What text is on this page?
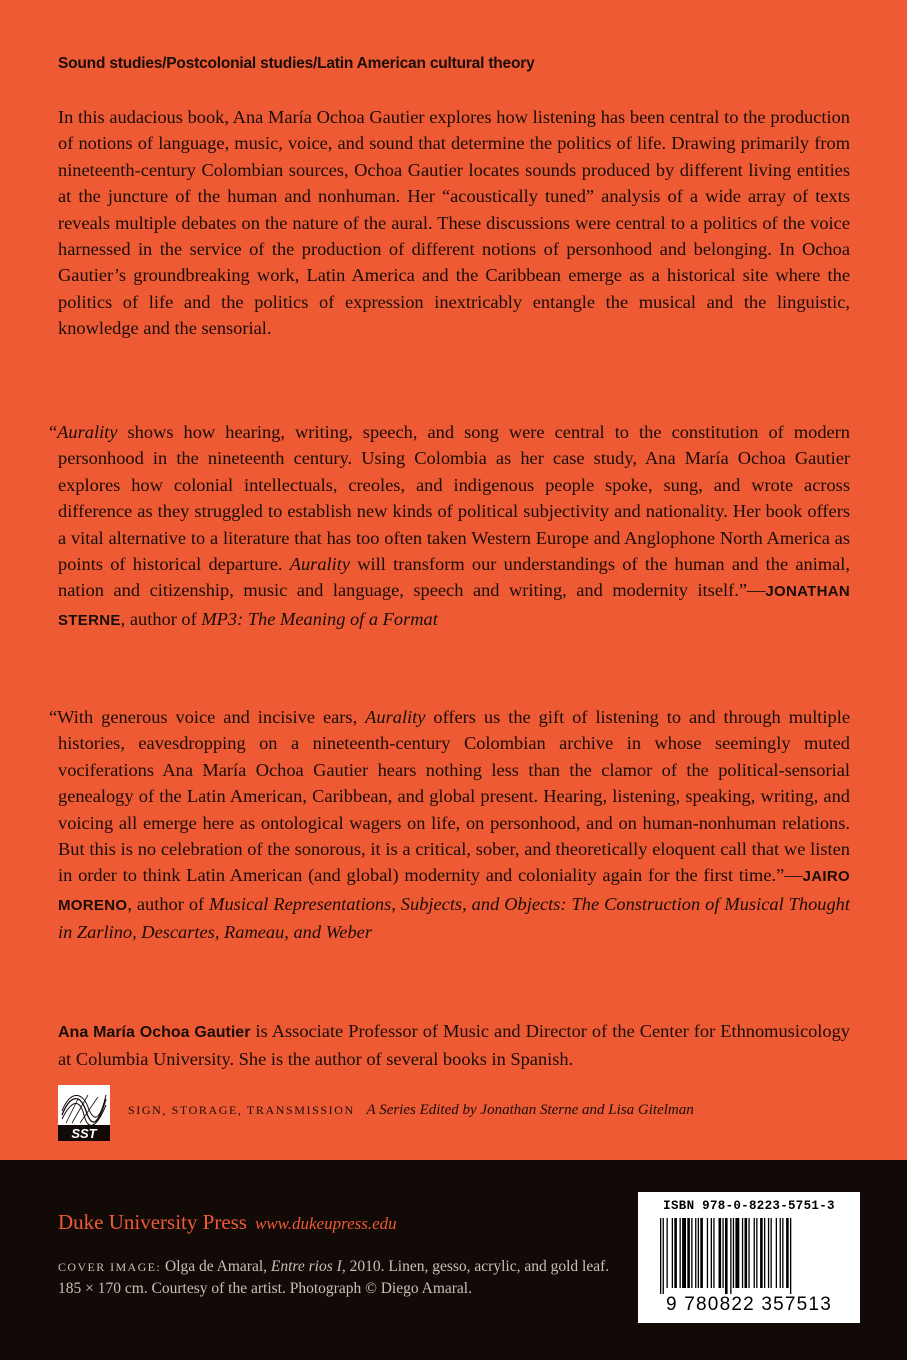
Sound studies/Postcolonial studies/Latin American cultural theory
In this audacious book, Ana María Ochoa Gautier explores how listening has been central to the production of notions of language, music, voice, and sound that determine the politics of life. Drawing primarily from nineteenth-century Colombian sources, Ochoa Gautier locates sounds produced by different living entities at the juncture of the human and nonhuman. Her “acoustically tuned” analysis of a wide array of texts reveals multiple debates on the nature of the aural. These discussions were central to a politics of the voice harnessed in the service of the production of different notions of personhood and belonging. In Ochoa Gautier’s groundbreaking work, Latin America and the Caribbean emerge as a historical site where the politics of life and the politics of expression inextricably entangle the musical and the linguistic, knowledge and the sensorial.
“Aurality shows how hearing, writing, speech, and song were central to the constitution of modern personhood in the nineteenth century. Using Colombia as her case study, Ana María Ochoa Gautier explores how colonial intellectuals, creoles, and indigenous people spoke, sung, and wrote across difference as they struggled to establish new kinds of political subjectivity and nationality. Her book offers a vital alternative to a literature that has too often taken Western Europe and Anglophone North America as points of historical departure. Aurality will transform our understandings of the human and the animal, nation and citizenship, music and language, speech and writing, and modernity itself.”—JONATHAN STERNE, author of MP3: The Meaning of a Format
“With generous voice and incisive ears, Aurality offers us the gift of listening to and through multiple histories, eavesdropping on a nineteenth-century Colombian archive in whose seemingly muted vociferations Ana María Ochoa Gautier hears nothing less than the clamor of the political-sensorial genealogy of the Latin American, Caribbean, and global present. Hearing, listening, speaking, writing, and voicing all emerge here as ontological wagers on life, on personhood, and on human-nonhuman relations. But this is no celebration of the sonorous, it is a critical, sober, and theoretically eloquent call that we listen in order to think Latin American (and global) modernity and coloniality again for the first time.”—JAIRO MORENO, author of Musical Representations, Subjects, and Objects: The Construction of Musical Thought in Zarlino, Descartes, Rameau, and Weber
Ana María Ochoa Gautier is Associate Professor of Music and Director of the Center for Ethnomusicology at Columbia University. She is the author of several books in Spanish.
SST
SIGN, STORAGE, TRANSMISSION A Series Edited by Jonathan Sterne and Lisa Gitelman
Duke University Press www.dukeupress.edu
COVER IMAGE: Olga de Amaral, Entre rios I, 2010. Linen, gesso, acrylic, and gold leaf. 185 × 170 cm. Courtesy of the artist. Photograph © Diego Amaral.
ISBN 978-0-8223-5751-3
9 780822 357513
